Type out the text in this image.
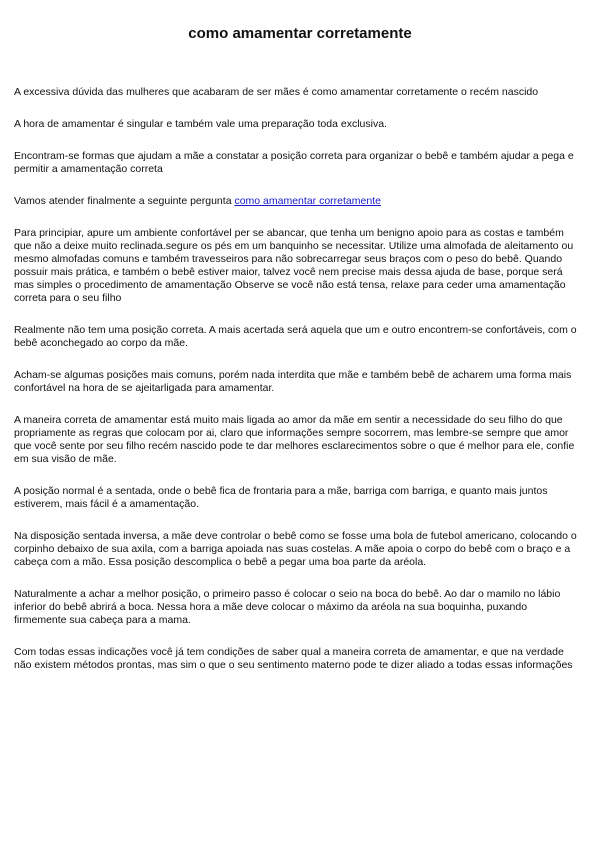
como amamentar corretamente

A excessiva dúvida das mulheres que acabaram de ser mães é como amamentar corretamente o recém nascido

A hora de amamentar é singular e também vale uma preparação toda exclusiva.

Encontram-se formas que ajudam a mãe a constatar a posição correta para organizar o bebê e também ajudar a pega e permitir a amamentação correta

Vamos atender finalmente a seguinte pergunta como amamentar corretamente

Para principiar, apure um ambiente confortável per se abancar, que tenha um benigno apoio para as costas e também que não a deixe muito reclinada.segure os pés em um banquinho se necessitar. Utilize uma almofada de aleitamento ou mesmo almofadas comuns e também travesseiros para não sobrecarregar seus braços com o peso do bebê. Quando possuir mais prática, e também o bebê estiver maior, talvez você nem precise mais dessa ajuda de base, porque será mas simples o procedimento de amamentação Observe se você não está tensa, relaxe para ceder uma amamentação correta para o seu filho

Realmente não tem uma posição correta. A mais acertada será aquela que um e outro encontrem-se confortáveis, com o bebê aconchegado ao corpo da mãe.

Acham-se algumas posições mais comuns, porém nada interdita que mãe e também bebê de acharem uma forma mais confortável na hora de se ajeitarligada para amamentar.

A maneira correta de amamentar está muito mais ligada ao amor da mãe em sentir a necessidade do seu filho do que propriamente as regras que colocam por ai, claro que informações sempre socorrem, mas lembre-se sempre que amor que você sente por seu filho recém nascido pode te dar melhores esclarecimentos sobre o que é melhor para ele, confie em sua visão de mãe.

A posição normal é a sentada, onde o bebê fica de frontaria para a mãe, barriga com barriga, e quanto mais juntos estiverem, mais fácil é a amamentação.

Na disposição sentada inversa, a mãe deve controlar o bebê como se fosse uma bola de futebol americano, colocando o corpinho debaixo de sua axila, com a barriga apoiada nas suas costelas. A mãe apoia o corpo do bebê com o braço e a cabeça com a mão. Essa posição descomplica o bebê a pegar uma boa parte da aréola.

Naturalmente a achar a melhor posição, o primeiro passo é colocar o seio na boca do bebê. Ao dar o mamilo no lábio inferior do bebê abrirá a boca. Nessa hora a mãe deve colocar o máximo da aréola na sua boquinha, puxando firmemente sua cabeça para a mama.

Com todas essas indicações você já tem condições de saber qual a maneira correta de amamentar, e que na verdade não existem métodos prontas, mas sim o que o seu sentimento materno pode te dizer aliado a todas essas informações
